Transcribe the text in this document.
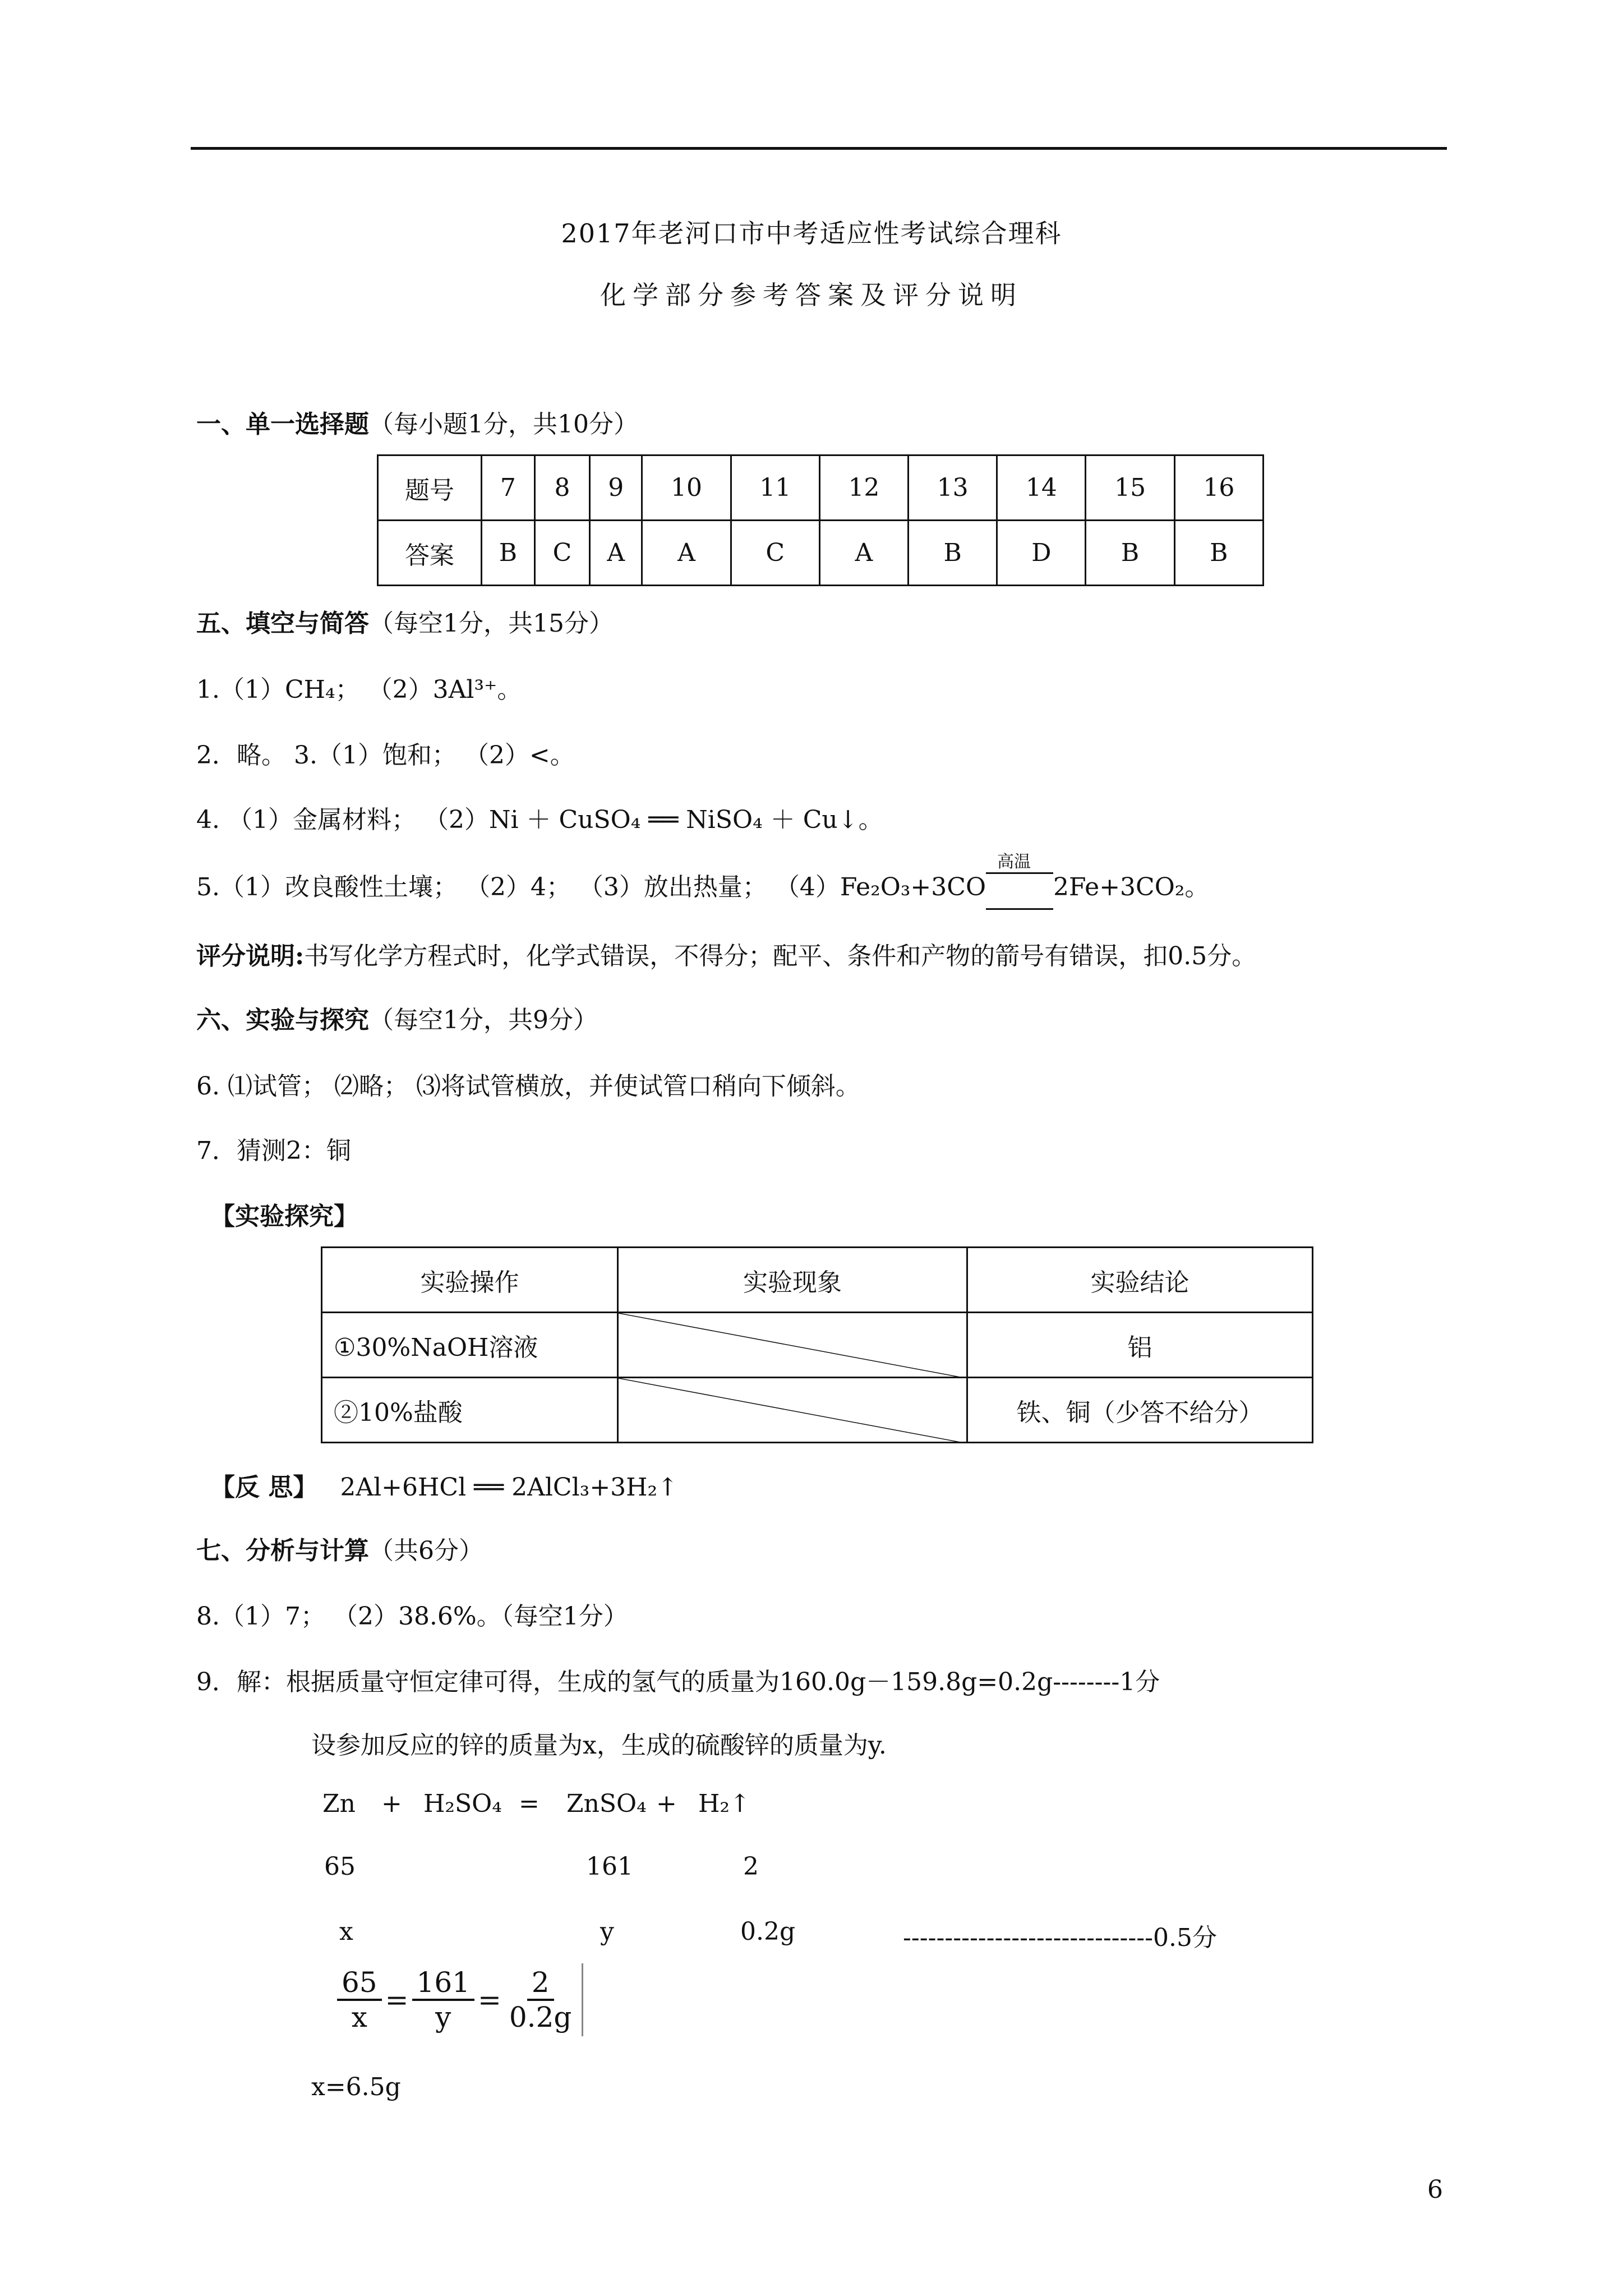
2017年老河口市中考适应性考试综合理科
化学部分参考答案及评分说明
一、单一选择题（每小题1分，共10分）
题号	7	8	9	10	11	12	13	14	15	16
答案	B	C	A	A	C	A	B	D	B	B
五、填空与简答（每空1分，共15分）
1.（1）CH₄； （2）3Al³⁺。
2．略。 3.（1）饱和； （2）<。
4. （1）金属材料； （2）Ni ＋ CuSO₄ ══ NiSO₄ ＋ Cu↓。
5.（1）改良酸性土壤； （2）4； （3）放出热量； （4）Fe₂O₃+3CO
高温
2Fe+3CO₂。
评分说明:书写化学方程式时，化学式错误，不得分；配平、条件和产物的箭号有错误，扣0.5分。
六、实验与探究（每空1分，共9分）
6. ⑴试管； ⑵略； ⑶将试管横放，并使试管口稍向下倾斜。
7．猜测2：铜
【实验探究】
实验操作	实验现象	实验结论
①30%NaOH溶液		铝
②10%盐酸		铁、铜（少答不给分）
【反 思】 2Al+6HCl ══ 2AlCl₃+3H₂↑
七、分析与计算（共6分）
8.（1）7； （2）38.6%。（每空1分）
9．解：根据质量守恒定律可得，生成的氢气的质量为160.0g－159.8g=0.2g--------1分
设参加反应的锌的质量为x，生成的硫酸锌的质量为y.
Zn + H₂SO₄ = ZnSO₄ + H₂↑
65	161	2
x	y	0.2g	------------------------------0.5分
$\frac{65}{x} = \frac{161}{y} = \frac{2}{0.2g}$
x=6.5g
6
